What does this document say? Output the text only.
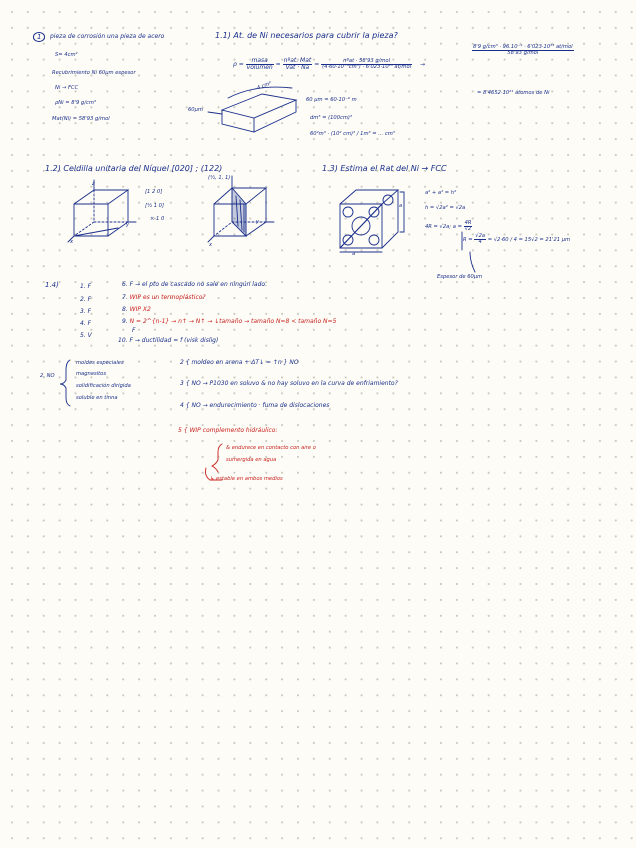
1	pieza de corrosión una pieza de acero
S= 4cm²
Recubrimiento Ni 60μm espesor
Ni → FCC
ρNi = 8'9 g/cm³
Mat(Ni) = 58'93 g/mol
1.1) At. de Ni necesarios para cubrir la pieza?
$\rho = \frac{\text{masa}}{\text{volumen}} = \frac{\text{nºat. Mat}}{\text{Vat · Na}} = \frac{\text{nºat · 58'93 g/mol}}{\text{(4·60·10⁻⁴cm³) · 6'023·10²³ at/mol}}$ →
$\frac{\text{8'9 g/cm³ · 96.10⁻⁴ · 6'023·10²³ at/mol}}{\text{58'93 g/mol}}$
= 8'4652·10²¹ átomos de Ni
60μm
4 cm²
60 μm = 60·10⁻⁶ m
dm³ = (100cm)³
60²m³ · (10² cm)³ / 1m³ = ... cm³
1.2) Celdilla unitaria del Níquel [020] ; (122)
[1 2 0]
[½ 1 0]
× 1 0
(½, 1, 1)
z
y
x
y
x
1.3) Estima el Rat del Ni → FCC
a² + a² = h²
h = √2a² = √2a
4R = √2a; $a = \frac{4R}{√2}$
$R = \frac{√2a}{4} = √2\cdot 60 / 4 = 15√2 = 21'21$ μm
Espesor de 60μm
a
a
1.4)	1. F
2. F
3. F
4. F
5. V
6. F → el pto de cascado no sale en ningún lado.
7. WIP es un termoplástico?
8. WIP X2
9. N = 2^{n-1} → n↑ → N↑ → ↓tamaño → tamaño N=8 < tamaño N=5
F
10. F → ductilidad = f (visk dislig)
2. NO
moldes especiales
magnesitos
solidificación dirigida
soluble en tinna
2 { moldeo en arena + ΔT↓ = ↑n } NO
3 { NO → P1030 en soluvo & no hay soluvo en la curva de enfriamiento?
4 { NO → endurecimiento · fuma de dislocaciones
5 { WIP complemento hidráulico:
& endurece en contacto con aire o
sumergida en agua
↳ estable en ambos medios
